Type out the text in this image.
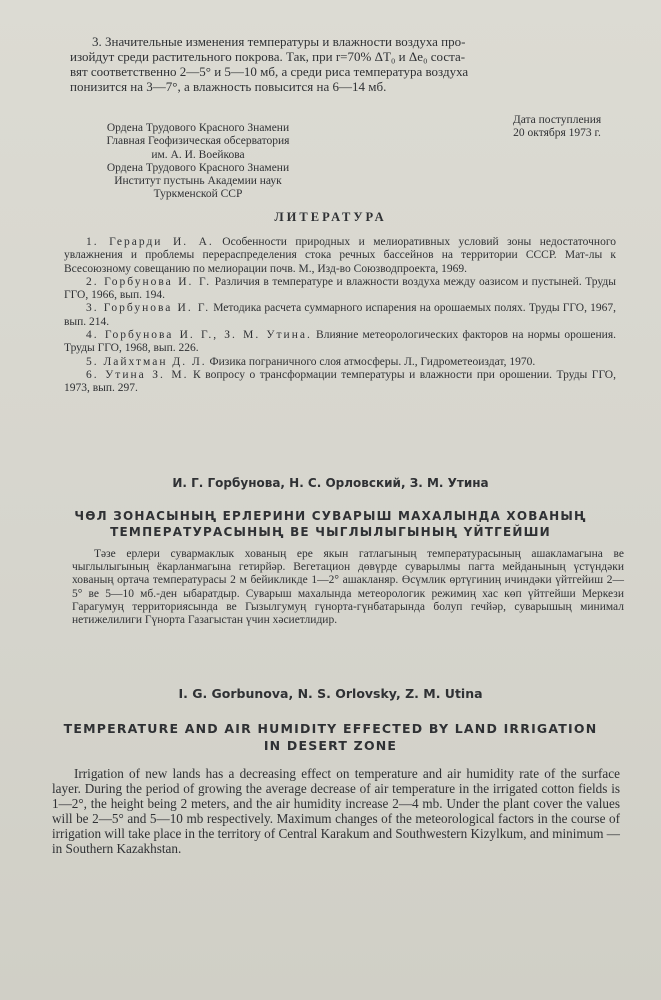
3. Значительные изменения температуры и влажности воздуха про-

изойдут среди растительного покрова. Так, при r=70% ΔT₀ и Δe₀ соста-

вят соответственно 2—5° и 5—10 мб, а среди риса температура воздуха

понизится на 3—7°, а влажность повысится на 6—14 мб.

Ордена Трудового Красного Знамени
Главная Геофизическая обсерватория
им. А. И. Воейкова
Ордена Трудового Красного Знамени
Институт пустынь Академии наук
Туркменской ССР
Дата поступления
20 октября 1973 г.
ЛИТЕРАТУРА

1. Герарди И. А. Особенности природных и мелиоративных условий зоны недостаточного увлажнения и проблемы перераспределения стока речных бассейнов на территории СССР. Мат-лы к Всесоюзному совещанию по мелиорации почв. М., Изд-во Союзводпроекта, 1969.

2. Горбунова И. Г. Различия в температуре и влажности воздуха между оазисом и пустыней. Труды ГГО, 1966, вып. 194.

3. Горбунова И. Г. Методика расчета суммарного испарения на орошаемых полях. Труды ГГО, 1967, вып. 214.

4. Горбунова И. Г., З. М. Утина. Влияние метеорологических факторов на нормы орошения. Труды ГГО, 1968, вып. 226.

5. Лайхтман Д. Л. Физика пограничного слоя атмосферы. Л., Гидрометеоиздат, 1970.

6. Утина З. М. К вопросу о трансформации температуры и влажности при орошении. Труды ГГО, 1973, вып. 297.

И. Г. Горбунова, Н. С. Орловский, З. М. Утина
ЧӨЛ ЗОНАСЫНЫҢ ЕРЛЕРИНИ СУВАРЫШ МАХАЛЫНДА ХОВАНЫҢ
ТЕМПЕРАТУРАСЫНЫҢ ВЕ ЧЫГЛЫЛЫГЫНЫҢ ҮЙТГЕЙШИ
Тәзе ерлери сувармаклык хованың ерe якын гатлагының температурасының ашакламагына ве чыглылыгының ёкарланмагына гетирйәр. Вегетацион дөвүрде суварылмы пагта мейданының үстүндәки хованың ортача температурасы 2 м бейикликде 1—2° ашакланяр. Өсүмлик өртүгиниң ичиндәки үйтгейиш 2—5° ве 5—10 мб.-ден ыбаратдыр. Суварыш махалында метеорологик режимиң хас көп үйтгейши Меркези Гарагумуң территориясында ве Гызылгумуң гүнорта-гүнбатарында болуп гечйәр, суварышың минимал нетижелилиги Гүнорта Газагыстан үчин хәсиетлидир.
I. G. Gorbunova, N. S. Orlovsky, Z. M. Utina
TEMPERATURE AND AIR HUMIDITY EFFECTED BY LAND IRRIGATION
IN DESERT ZONE
Irrigation of new lands has a decreasing effect on temperature and air humidity rate of the surface layer. During the period of growing the average decrease of air temperature in the irrigated cotton fields is 1—2°, the height being 2 meters, and the air humidity increase 2—4 mb. Under the plant cover the values will be 2—5° and 5—10 mb respectively. Maximum changes of the meteorological factors in the course of irrigation will take place in the territory of Central Karakum and Southwestern Kizylkum, and minimum — in Southern Kazakhstan.
